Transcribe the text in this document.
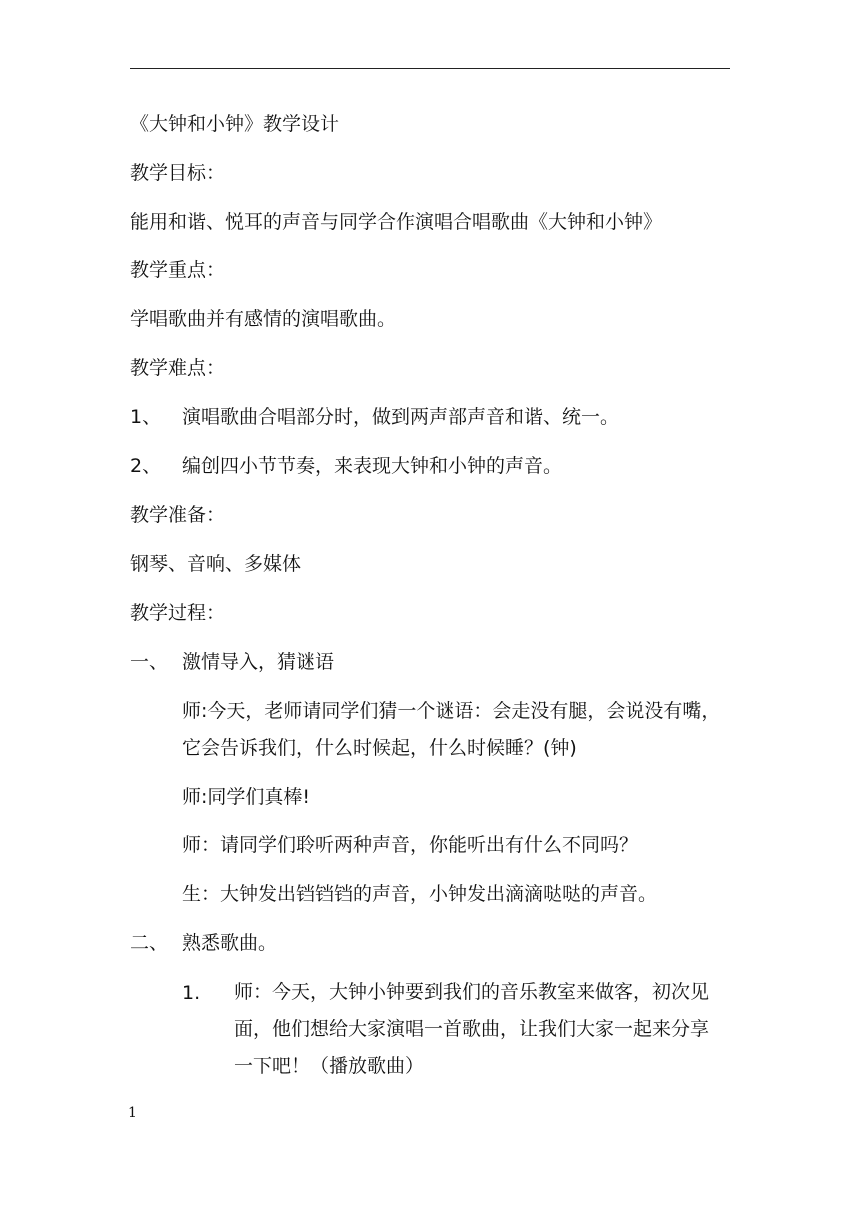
《大钟和小钟》教学设计
教学目标：
能用和谐、悦耳的声音与同学合作演唱合唱歌曲《大钟和小钟》
教学重点：
学唱歌曲并有感情的演唱歌曲。
教学难点：
1、 演唱歌曲合唱部分时，做到两声部声音和谐、统一。
2、 编创四小节节奏，来表现大钟和小钟的声音。
教学准备：
钢琴、音响、多媒体
教学过程：
一、 激情导入，猜谜语
师:今天，老师请同学们猜一个谜语：会走没有腿，会说没有嘴，它会告诉我们，什么时候起，什么时候睡？(钟)
师:同学们真棒!
师：请同学们聆听两种声音，你能听出有什么不同吗？
生：大钟发出铛铛铛的声音，小钟发出滴滴哒哒的声音。
二、 熟悉歌曲。
1. 师：今天，大钟小钟要到我们的音乐教室来做客，初次见面，他们想给大家演唱一首歌曲，让我们大家一起来分享一下吧！（播放歌曲）
1
